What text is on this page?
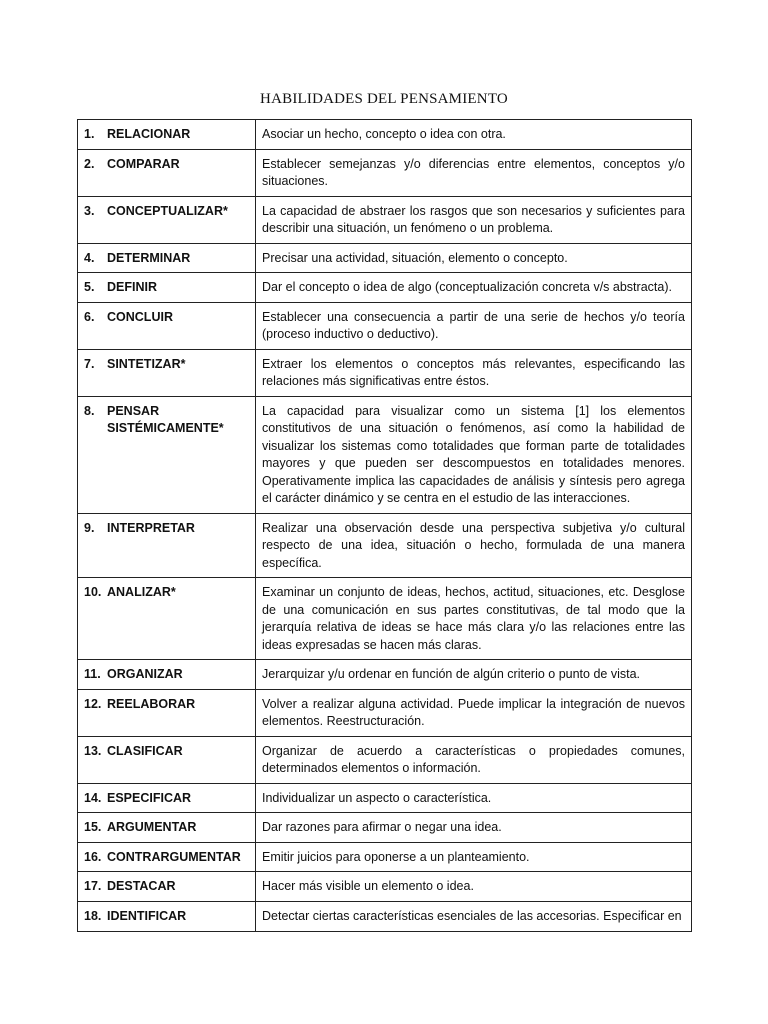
HABILIDADES DEL PENSAMIENTO
1. RELACIONAR	Asociar un hecho, concepto o idea con otra.

2. COMPARAR	Establecer semejanzas y/o diferencias entre elementos, conceptos y/o situaciones.

3. CONCEPTUALIZAR*	La capacidad de abstraer los rasgos que son necesarios y suficientes para describir una situación, un fenómeno o un problema.

4. DETERMINAR	Precisar una actividad, situación, elemento o concepto.

5. DEFINIR	Dar el concepto o idea de algo (conceptualización concreta v/s abstracta).

6. CONCLUIR	Establecer una consecuencia a partir de una serie de hechos y/o teoría (proceso inductivo o deductivo).

7. SINTETIZAR*	Extraer los elementos o conceptos más relevantes, especificando las relaciones más significativas entre éstos.

8. PENSAR SISTÉMICAMENTE*	La capacidad para visualizar como un sistema [1] los elementos constitutivos de una situación o fenómenos, así como la habilidad de visualizar los sistemas como totalidades que forman parte de totalidades mayores y que pueden ser descompuestos en totalidades menores. Operativamente implica las capacidades de análisis y síntesis pero agrega el carácter dinámico y se centra en el estudio de las interacciones.

9. INTERPRETAR	Realizar una observación desde una perspectiva subjetiva y/o cultural respecto de una idea, situación o hecho, formulada de una manera específica.

10. ANALIZAR*	Examinar un conjunto de ideas, hechos, actitud, situaciones, etc. Desglose de una comunicación en sus partes constitutivas, de tal modo que la jerarquía relativa de ideas se hace más clara y/o las relaciones entre las ideas expresadas se hacen más claras.

11. ORGANIZAR	Jerarquizar y/u ordenar en función de algún criterio o punto de vista.

12. REELABORAR	Volver a realizar alguna actividad. Puede implicar la integración de nuevos elementos. Reestructuración.

13. CLASIFICAR	Organizar de acuerdo a características o propiedades comunes, determinados elementos o información.

14. ESPECIFICAR	Individualizar un aspecto o característica.

15. ARGUMENTAR	Dar razones para afirmar o negar una idea.

16. CONTRARGUMENTAR	Emitir juicios para oponerse a un planteamiento.

17. DESTACAR	Hacer más visible un elemento o idea.

18. IDENTIFICAR	Detectar ciertas características esenciales de las accesorias. Especificar en
